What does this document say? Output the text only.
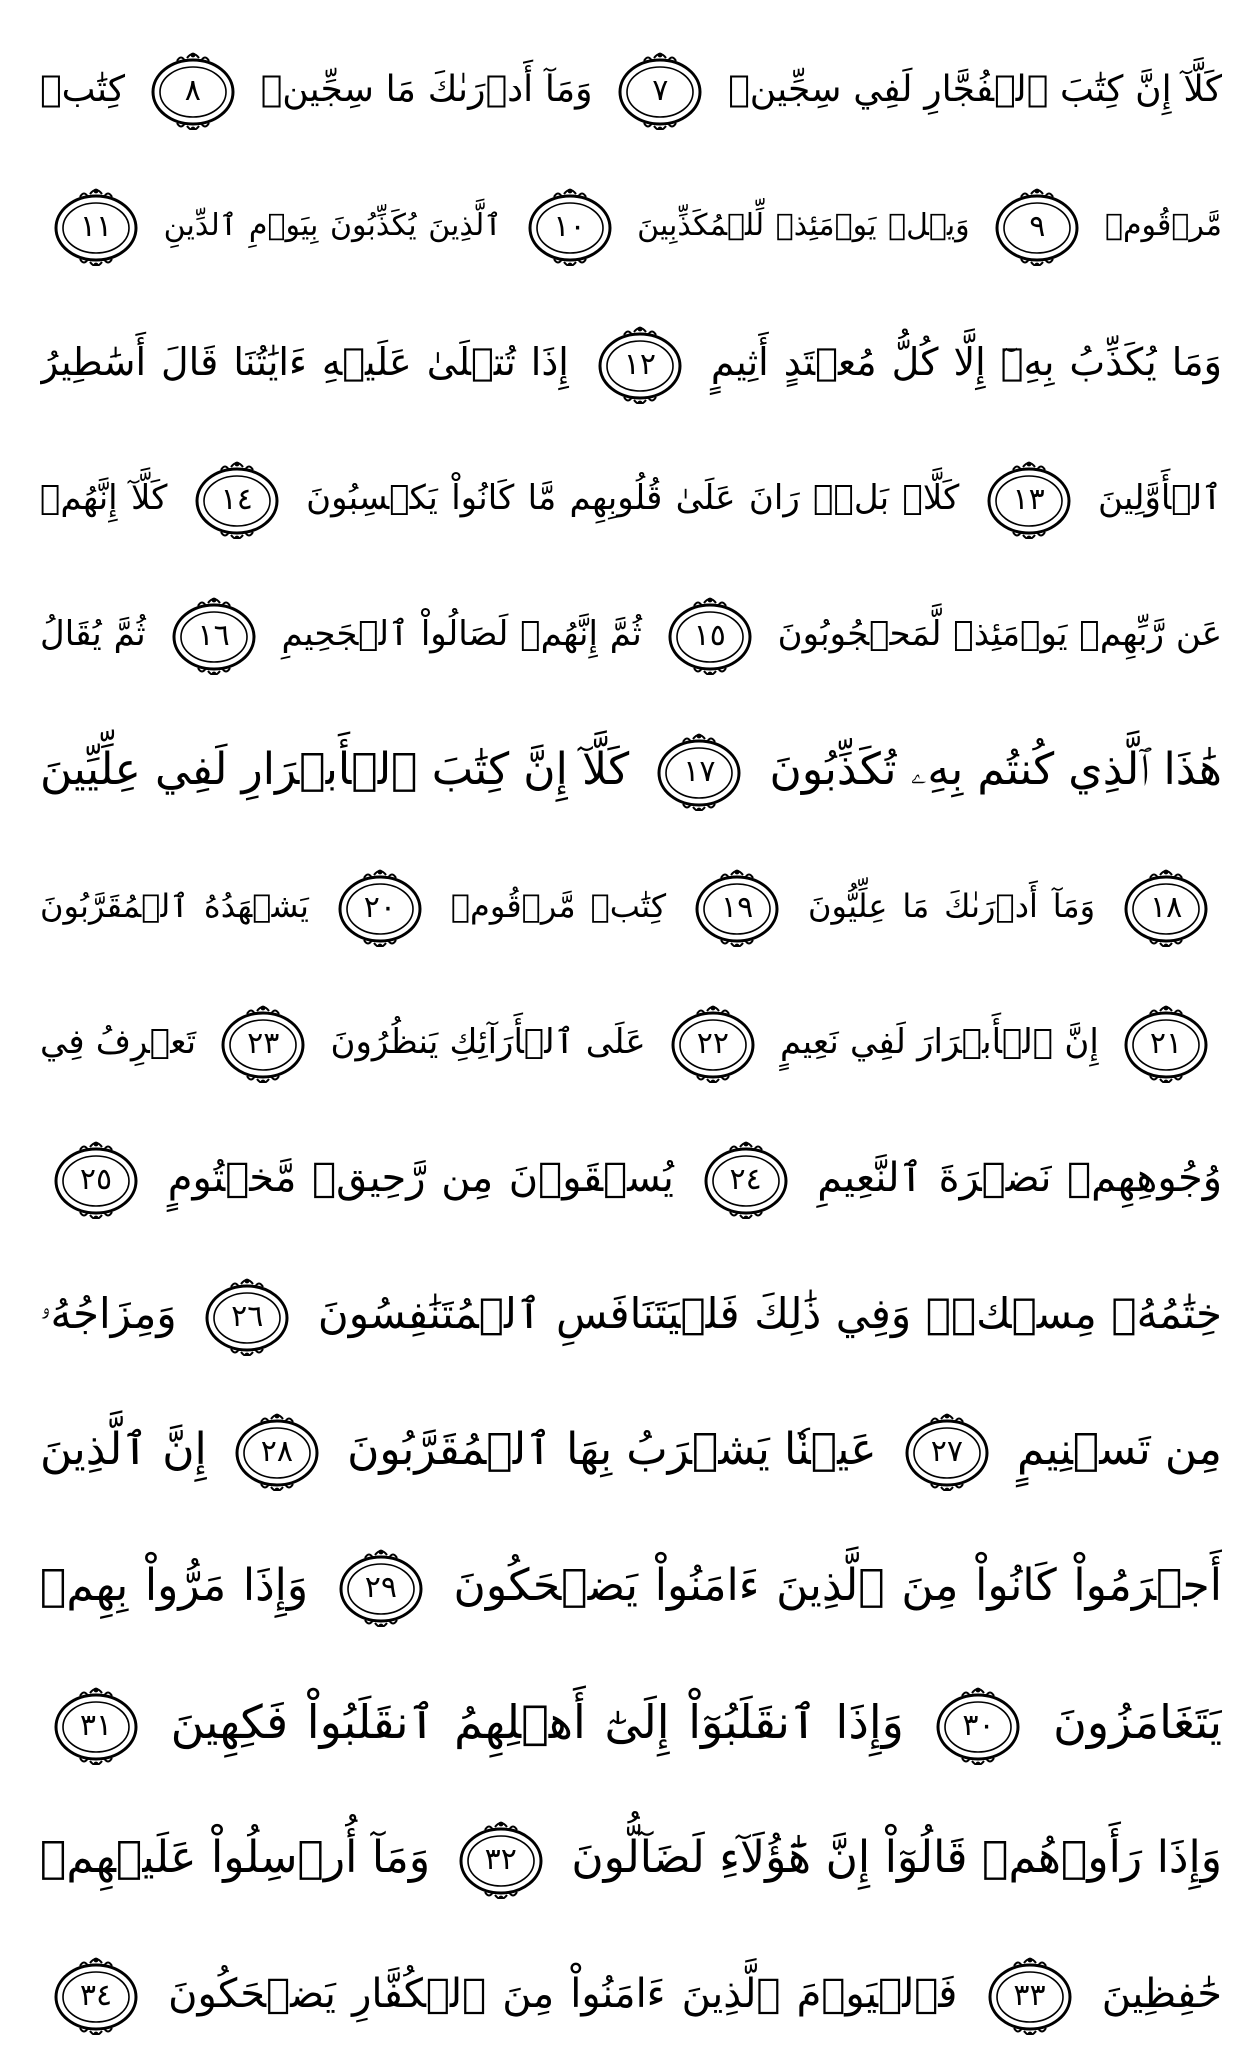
كَلَّآ إِنَّ كِتَٰبَ ٱلۡفُجَّارِ لَفِي سِجِّينٖ
٧ وَمَآ أَدۡرَىٰكَ مَا سِجِّينٞ
٨ كِتَٰبٞ
مَّرۡقُومٞ
٩ وَيۡلٞ يَوۡمَئِذٖ لِّلۡمُكَذِّبِينَ
١٠ ٱلَّذِينَ يُكَذِّبُونَ بِيَوۡمِ ٱلدِّينِ
١١
وَمَا يُكَذِّبُ بِهِۦٓ إِلَّا كُلُّ مُعۡتَدٍ أَثِيمٍ
١٢ إِذَا تُتۡلَىٰ عَلَيۡهِ ءَايَٰتُنَا قَالَ أَسَٰطِيرُ
ٱلۡأَوَّلِينَ
١٣ كَلَّاۖ بَلۡۜ رَانَ عَلَىٰ قُلُوبِهِم مَّا كَانُواْ يَكۡسِبُونَ
١٤ كَلَّآ إِنَّهُمۡ
عَن رَّبِّهِمۡ يَوۡمَئِذٖ لَّمَحۡجُوبُونَ
١٥ ثُمَّ إِنَّهُمۡ لَصَالُواْ ٱلۡجَحِيمِ
١٦ ثُمَّ يُقَالُ
هَٰذَا ٱلَّذِي كُنتُم بِهِۦ تُكَذِّبُونَ
١٧ كَلَّآ إِنَّ كِتَٰبَ ٱلۡأَبۡرَارِ لَفِي عِلِّيِّينَ
١٨ وَمَآ أَدۡرَىٰكَ مَا عِلِّيُّونَ
١٩ كِتَٰبٞ مَّرۡقُومٞ
٢٠ يَشۡهَدُهُ ٱلۡمُقَرَّبُونَ
٢١ إِنَّ ٱلۡأَبۡرَارَ لَفِي نَعِيمٍ
٢٢ عَلَى ٱلۡأَرَآئِكِ يَنظُرُونَ
٢٣ تَعۡرِفُ فِي
وُجُوهِهِمۡ نَضۡرَةَ ٱلنَّعِيمِ
٢٤ يُسۡقَوۡنَ مِن رَّحِيقٖ مَّخۡتُومٍ
٢٥
خِتَٰمُهُۥ مِسۡكٞۚ وَفِي ذَٰلِكَ فَلۡيَتَنَافَسِ ٱلۡمُتَنَٰفِسُونَ
٢٦ وَمِزَاجُهُۥ
مِن تَسۡنِيمٍ
٢٧ عَيۡنٗا يَشۡرَبُ بِهَا ٱلۡمُقَرَّبُونَ
٢٨ إِنَّ ٱلَّذِينَ
أَجۡرَمُواْ كَانُواْ مِنَ ٱلَّذِينَ ءَامَنُواْ يَضۡحَكُونَ
٢٩ وَإِذَا مَرُّواْ بِهِمۡ
يَتَغَامَزُونَ
٣٠ وَإِذَا ٱنقَلَبُوٓاْ إِلَىٰٓ أَهۡلِهِمُ ٱنقَلَبُواْ فَكِهِينَ
٣١
وَإِذَا رَأَوۡهُمۡ قَالُوٓاْ إِنَّ هَٰٓؤُلَآءِ لَضَآلُّونَ
٣٢ وَمَآ أُرۡسِلُواْ عَلَيۡهِمۡ
حَٰفِظِينَ
٣٣ فَٱلۡيَوۡمَ ٱلَّذِينَ ءَامَنُواْ مِنَ ٱلۡكُفَّارِ يَضۡحَكُونَ
٣٤
